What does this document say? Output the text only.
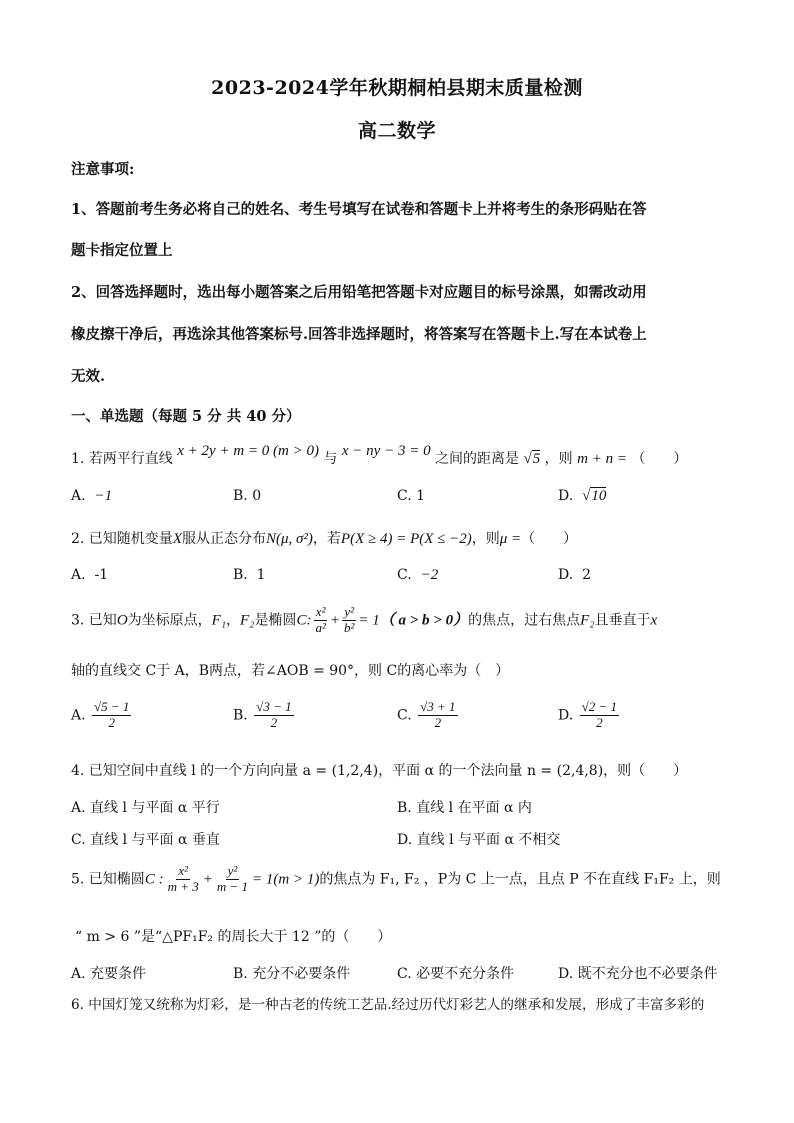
2023-2024学年秋期桐柏县期末质量检测
高二数学
注意事项:
1、答题前考生务必将自己的姓名、考生号填写在试卷和答题卡上并将考生的条形码贴在答
题卡指定位置上
2、回答选择题时，选出每小题答案之后用铅笔把答题卡对应题目的标号涂黑，如需改动用
橡皮擦干净后，再选涂其他答案标号.回答非选择题时，将答案写在答题卡上.写在本试卷上
无效.
一、单选题（每题 5 分 共 40 分）
1. 若两平行直线 x + 2y + m = 0 (m > 0) 与 x − ny − 3 = 0 之间的距离是 √5 ，则 m + n = （　　）
A. −1	B. 0	C. 1	D. √10
2. 已知随机变量X服从正态分布N(μ, σ²)，若P(X ≥ 4) = P(X ≤ −2)，则μ =（　　）
A. -1	B. 1	C. −2	D. 2
3. 已知O为坐标原点，F₁，F₂是椭圆C: $\frac{\text{x²}}{\text{a²}} + \frac{\text{y²}}{\text{b²}} = 1$（ a > b > 0）的焦点，过右焦点F₂且垂直于x
轴的直线交 C于 A，B两点，若∠AOB = 90°，则 C的离心率为（　）
A. $\frac{√5 - 1}{2}$	B. $\frac{√3 - 1}{2}$	C. $\frac{√3 + 1}{2}$	D. $\frac{√2 - 1}{2}$
4. 已知空间中直线 l 的一个方向向量 a = (1,2,4)，平面 α 的一个法向量 n = (2,4,8)，则（　　）
A. 直线 l 与平面 α 平行	B. 直线 l 在平面 α 内
C. 直线 l 与平面 α 垂直	D. 直线 l 与平面 α 不相交
5. 已知椭圆C : $\frac{\text{x²}}{m + 3} + \frac{\text{y²}}{m - 1} = 1(m > 1)$的焦点为 F₁, F₂ ，P为 C 上一点，且点 P 不在直线 F₁F₂ 上，则
“ m > 6 ”是“△PF₁F₂ 的周长大于 12 ”的（　　）
A. 充要条件	B. 充分不必要条件	C. 必要不充分条件	D. 既不充分也不必要条件
6. 中国灯笼又统称为灯彩，是一种古老的传统工艺品.经过历代灯彩艺人的继承和发展，形成了丰富多彩的
